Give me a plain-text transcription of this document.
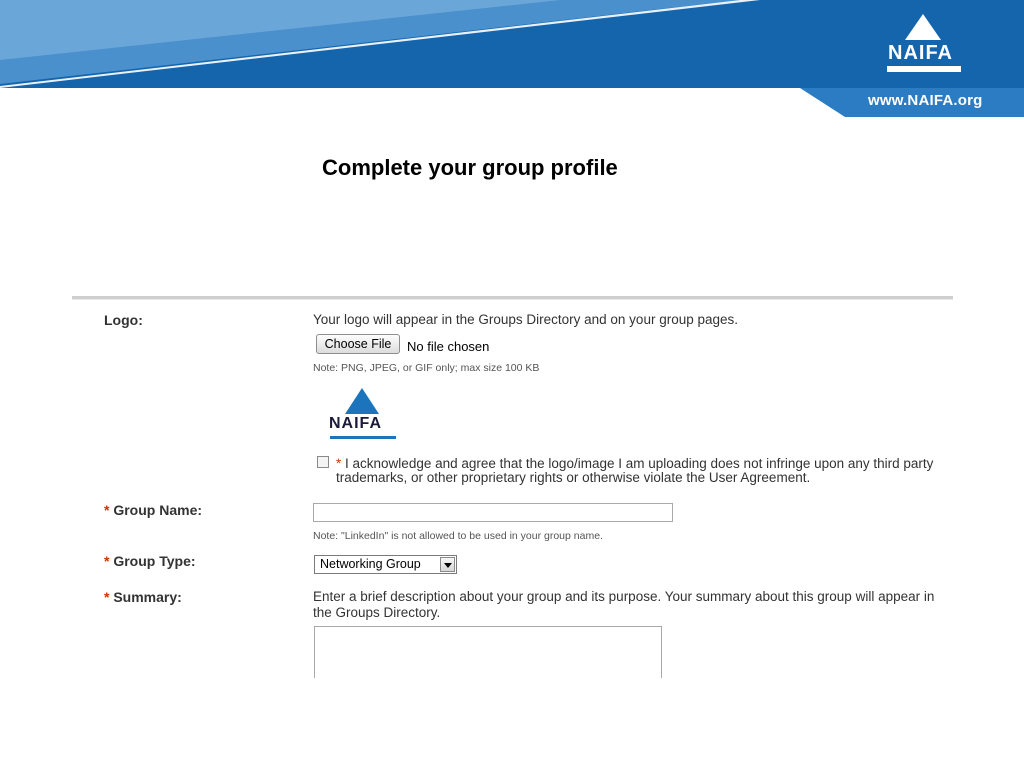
NAIFA
www.NAIFA.org
Complete your group profile
Logo:	Your logo will appear in the Groups Directory and on your group pages.
Choose File	No file chosen
Note: PNG, JPEG, or GIF only; max size 100 KB
NAIFA
* I acknowledge and agree that the logo/image I am uploading does not infringe upon any third party trademarks, or other proprietary rights or otherwise violate the User Agreement.
* Group Name:
Note: "LinkedIn" is not allowed to be used in your group name.
* Group Type:	Networking Group
* Summary:	Enter a brief description about your group and its purpose. Your summary about this group will appear in the Groups Directory.
